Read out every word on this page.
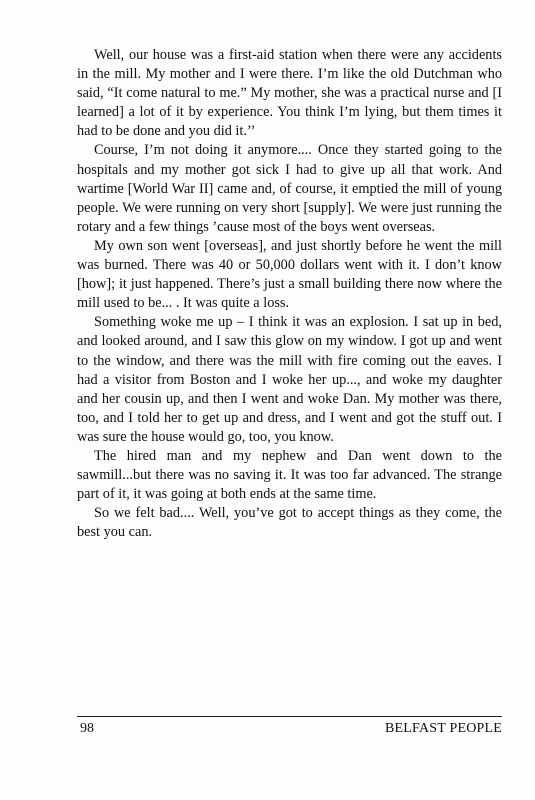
Well, our house was a first-aid station when there were any accidents in the mill. My mother and I were there. I’m like the old Dutchman who said, “It come natural to me.” My mother, she was a practical nurse and [I learned] a lot of it by experience. You think I’m lying, but them times it had to be done and you did it.’’

Course, I’m not doing it anymore.... Once they started going to the hospitals and my mother got sick I had to give up all that work. And wartime [World War II] came and, of course, it emptied the mill of young people. We were running on very short [supply]. We were just running the rotary and a few things ’cause most of the boys went overseas.

My own son went [overseas], and just shortly before he went the mill was burned. There was 40 or 50,000 dollars went with it. I don’t know [how]; it just happened. There’s just a small building there now where the mill used to be... . It was quite a loss.

Something woke me up – I think it was an explosion. I sat up in bed, and looked around, and I saw this glow on my window. I got up and went to the window, and there was the mill with fire coming out the eaves. I had a visitor from Boston and I woke her up..., and woke my daughter and her cousin up, and then I went and woke Dan. My mother was there, too, and I told her to get up and dress, and I went and got the stuff out. I was sure the house would go, too, you know.

The hired man and my nephew and Dan went down to the sawmill...but there was no saving it. It was too far advanced. The strange part of it, it was going at both ends at the same time.

So we felt bad.... Well, you’ve got to accept things as they come, the best you can.

98	BELFAST PEOPLE
